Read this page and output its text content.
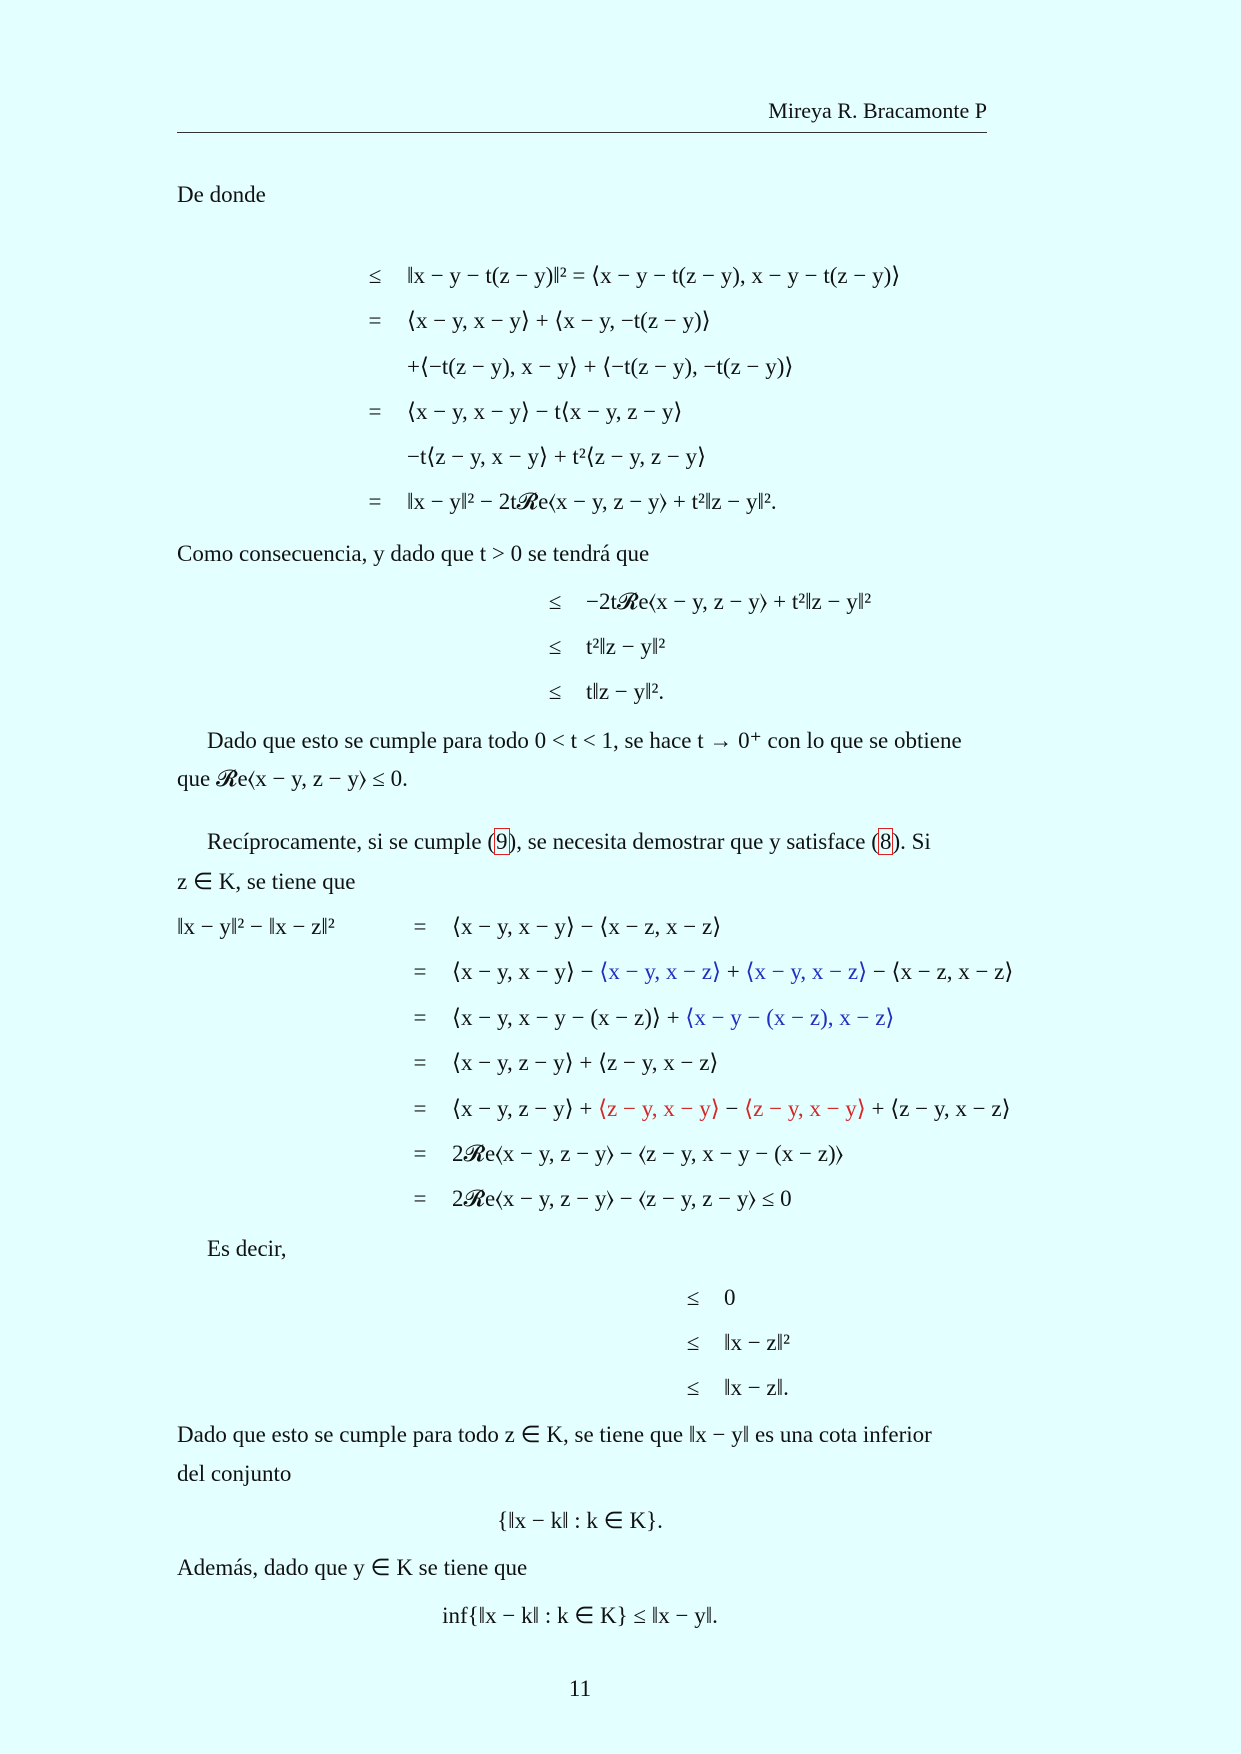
Mireya R. Bracamonte P
De donde
≤	‖x − y − t(z − y)‖² = ⟨x − y − t(z − y), x − y − t(z − y)⟩
=	⟨x − y, x − y⟩ + ⟨x − y, −t(z − y)⟩
+⟨−t(z − y), x − y⟩ + ⟨−t(z − y), −t(z − y)⟩
=	⟨x − y, x − y⟩ − t⟨x − y, z − y⟩
−t⟨z − y, x − y⟩ + t²⟨z − y, z − y⟩
=	‖x − y‖² − 2t𝓡e⟨x − y, z − y⟩ + t²‖z − y‖².
Como consecuencia, y dado que t > 0 se tendrá que
≤	−2t𝓡e⟨x − y, z − y⟩ + t²‖z − y‖²
≤	t²‖z − y‖²
≤	t‖z − y‖².
Dado que esto se cumple para todo 0 < t < 1, se hace t → 0⁺ con lo que se obtiene
que 𝓡e⟨x − y, z − y⟩ ≤ 0.
Recíprocamente, si se cumple (9), se necesita demostrar que y satisface (8). Si
z ∈ K, se tiene que
‖x − y‖² − ‖x − z‖²	=	⟨x − y, x − y⟩ − ⟨x − z, x − z⟩
=	⟨x − y, x − y⟩ − ⟨x − y, x − z⟩ + ⟨x − y, x − z⟩ − ⟨x − z, x − z⟩
=	⟨x − y, x − y − (x − z)⟩ + ⟨x − y − (x − z), x − z⟩
=	⟨x − y, z − y⟩ + ⟨z − y, x − z⟩
=	⟨x − y, z − y⟩ + ⟨z − y, x − y⟩ − ⟨z − y, x − y⟩ + ⟨z − y, x − z⟩
=	2𝓡e⟨x − y, z − y⟩ − ⟨z − y, x − y − (x − z)⟩
=	2𝓡e⟨x − y, z − y⟩ − ⟨z − y, z − y⟩ ≤ 0
Es decir,
≤	0
≤	‖x − z‖²
≤	‖x − z‖.
Dado que esto se cumple para todo z ∈ K, se tiene que ‖x − y‖ es una cota inferior
del conjunto
{‖x − k‖ : k ∈ K}.
Además, dado que y ∈ K se tiene que
inf{‖x − k‖ : k ∈ K} ≤ ‖x − y‖.
11
